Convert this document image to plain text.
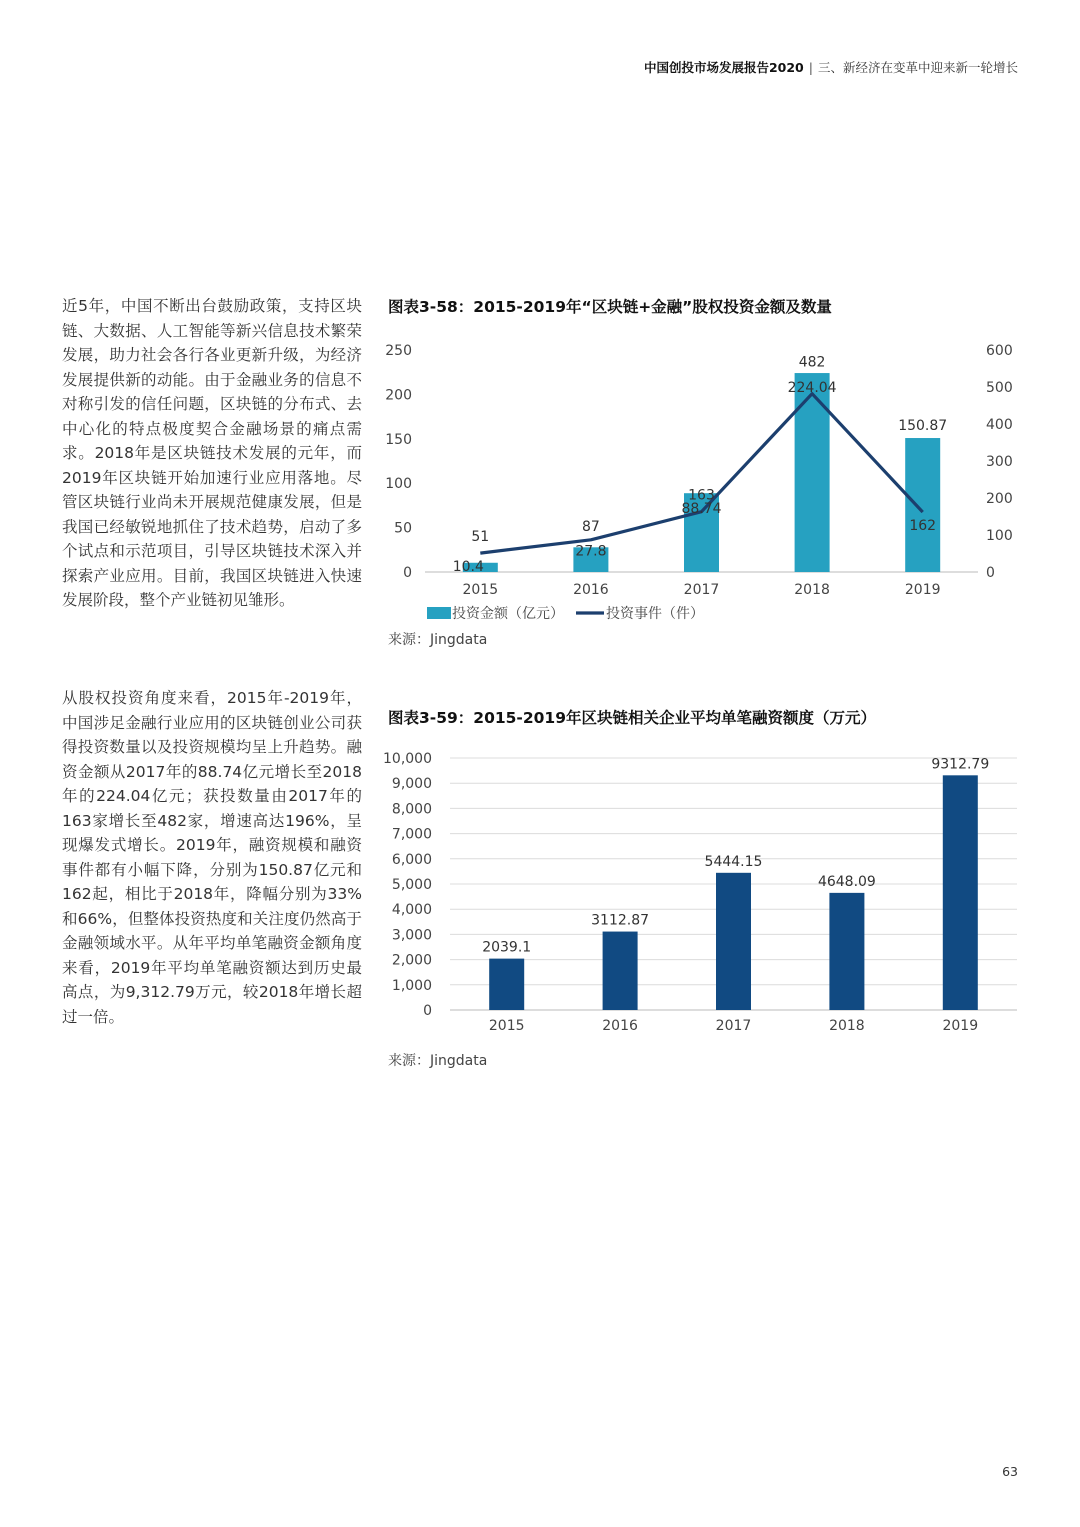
中国创投市场发展报告2020 | 三、新经济在变革中迎来新一轮增长

近5年，中国不断出台鼓励政策，支持区块链、大数据、人工智能等新兴信息技术繁荣发展，助力社会各行各业更新升级，为经济发展提供新的动能。由于金融业务的信息不对称引发的信任问题，区块链的分布式、去中心化的特点极度契合金融场景的痛点需求。2018年是区块链技术发展的元年，而2019年区块链开始加速行业应用落地。尽管区块链行业尚未开展规范健康发展，但是我国已经敏锐地抓住了技术趋势，启动了多个试点和示范项目，引导区块链技术深入并探索产业应用。目前，我国区块链进入快速发展阶段，整个产业链初见雏形。

从股权投资角度来看，2015年-2019年，中国涉足金融行业应用的区块链创业公司获得投资数量以及投资规模均呈上升趋势。融资金额从2017年的88.74亿元增长至2018年的224.04亿元；获投数量由2017年的163家增长至482家，增速高达196%，呈现爆发式增长。2019年，融资规模和融资事件都有小幅下降，分别为150.87亿元和162起，相比于2018年，降幅分别为33%和66%，但整体投资热度和关注度仍然高于金融领域水平。从年平均单笔融资金额角度来看，2019年平均单笔融资额达到历史最高点，为9,312.79万元，较2018年增长超过一倍。

图表3-58：2015-2019年“区块链+金融”股权投资金额及数量
0
50
100
150
200
250
0
100
200
300
400
500
600
2015	2016	2017	2018	2019
10.4
51
27.8
87
88.74
163
224.04
482
150.87
162
投资金额（亿元）	投资事件（件）
来源：Jingdata
图表3-59：2015-2019年区块链相关企业平均单笔融资额度（万元）
0
1,000
2,000
3,000
4,000
5,000
6,000
7,000
8,000
9,000
10,000
2039.1
2015
3112.87
2016
5444.15
2017
4648.09
2018
9312.79
2019
来源：Jingdata
63
